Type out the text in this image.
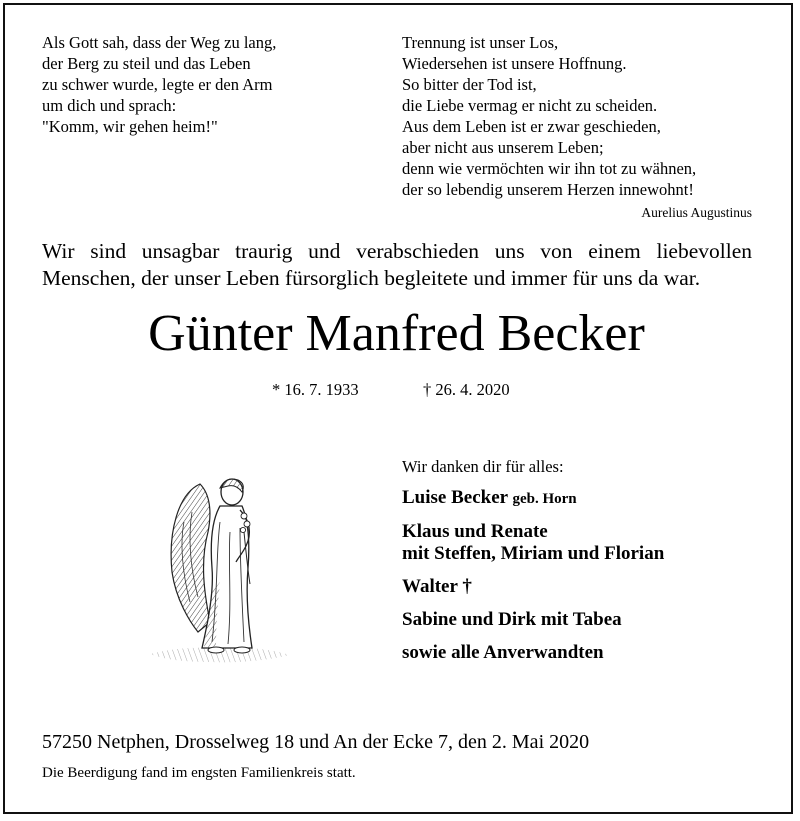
Als Gott sah, dass der Weg zu lang,
der Berg zu steil und das Leben
zu schwer wurde, legte er den Arm
um dich und sprach:
"Komm, wir gehen heim!"
Trennung ist unser Los,
Wiedersehen ist unsere Hoffnung.
So bitter der Tod ist,
die Liebe vermag er nicht zu scheiden.
Aus dem Leben ist er zwar geschieden,
aber nicht aus unserem Leben;
denn wie vermöchten wir ihn tot zu wähnen,
der so lebendig unserem Herzen innewohnt!
Aurelius Augustinus
Wir sind unsagbar traurig und verabschieden uns von einem liebevollen Menschen, der unser Leben fürsorglich begleitete und immer für uns da war.
Günter Manfred Becker
* 16. 7. 1933	† 26. 4. 2020
Wir danken dir für alles:
Luise Becker geb. Horn
Klaus und Renate
mit Steffen, Miriam und Florian
Walter †
Sabine und Dirk mit Tabea
sowie alle Anverwandten
57250 Netphen, Drosselweg 18 und An der Ecke 7, den 2. Mai 2020
Die Beerdigung fand im engsten Familienkreis statt.
